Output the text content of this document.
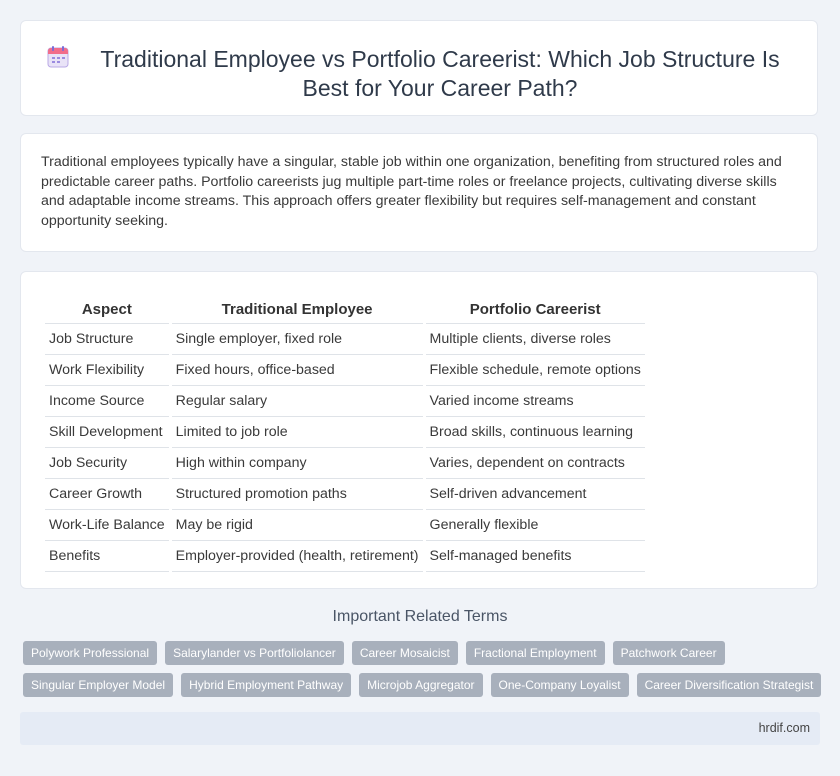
Traditional Employee vs Portfolio Careerist: Which Job Structure Is Best for Your Career Path?
Traditional employees typically have a singular, stable job within one organization, benefiting from structured roles and predictable career paths. Portfolio careerists jug multiple part-time roles or freelance projects, cultivating diverse skills and adaptable income streams. This approach offers greater flexibility but requires self-management and constant opportunity seeking.
Aspect	Traditional Employee	Portfolio Careerist
Job Structure	Single employer, fixed role	Multiple clients, diverse roles
Work Flexibility	Fixed hours, office-based	Flexible schedule, remote options
Income Source	Regular salary	Varied income streams
Skill Development	Limited to job role	Broad skills, continuous learning
Job Security	High within company	Varies, dependent on contracts
Career Growth	Structured promotion paths	Self-driven advancement
Work-Life Balance	May be rigid	Generally flexible
Benefits	Employer-provided (health, retirement)	Self-managed benefits
Important Related Terms
Polywork Professional	Salarylander vs Portfoliolancer	Career Mosaicist	Fractional Employment	Patchwork Career
Singular Employer Model	Hybrid Employment Pathway	Microjob Aggregator	One-Company Loyalist	Career Diversification Strategist
hrdif.com
